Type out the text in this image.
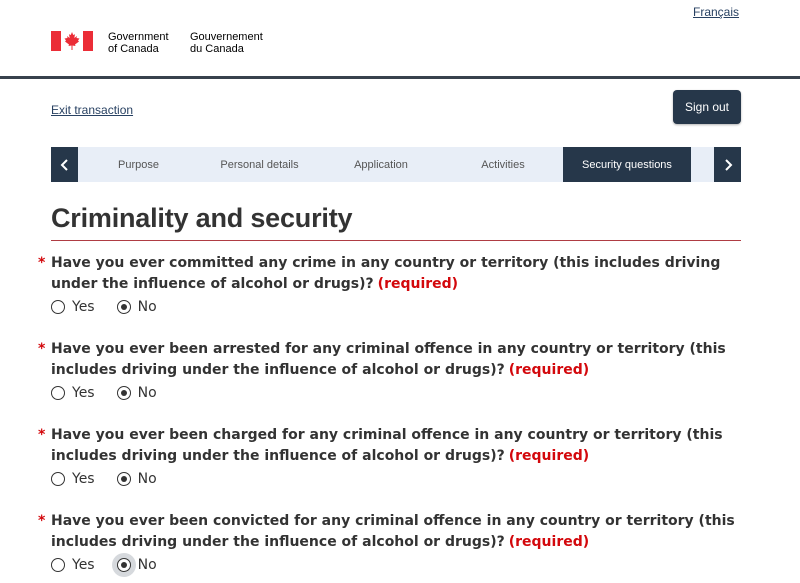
Français
Government
of Canada
Gouvernement
du Canada
Exit transaction	Sign out
Purpose	Personal details	Application	Activities	Security questions
Criminality and security
* Have you ever committed any crime in any country or territory (this includes driving under the influence of alcohol or drugs)? (required)
Yes	No
* Have you ever been arrested for any criminal offence in any country or territory (this includes driving under the influence of alcohol or drugs)? (required)
Yes	No
* Have you ever been charged for any criminal offence in any country or territory (this includes driving under the influence of alcohol or drugs)? (required)
Yes	No
* Have you ever been convicted for any criminal offence in any country or territory (this includes driving under the influence of alcohol or drugs)? (required)
Yes	No
